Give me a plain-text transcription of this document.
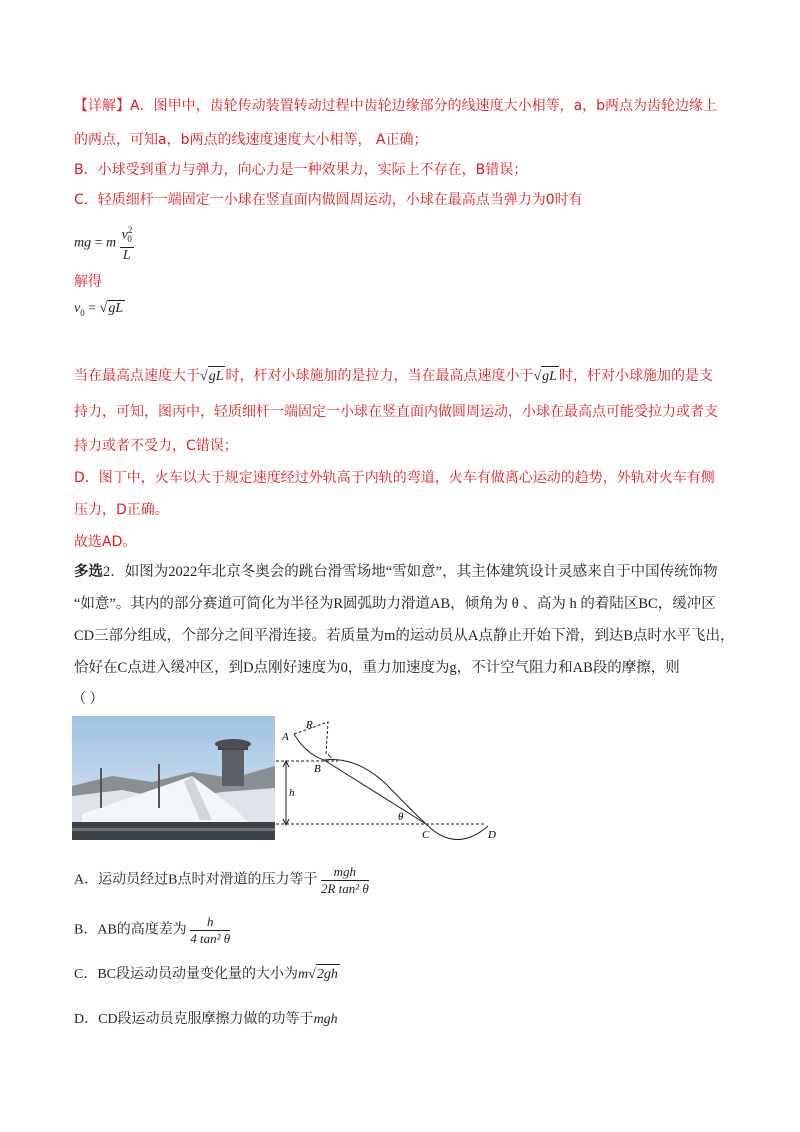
【详解】A．图甲中，齿轮传动装置转动过程中齿轮边缘部分的线速度大小相等，a，b两点为齿轮边缘上
的两点，可知a，b两点的线速度速度大小相等， A正确；
B．小球受到重力与弹力，向心力是一种效果力，实际上不存在，B错误；
C．轻质细杆一端固定一小球在竖直面内做圆周运动，小球在最高点当弹力为0时有
mg = m $\frac{v^2_0}{L}$
解得
$v_0 = √gL$
当在最高点速度大于√gL 时，杆对小球施加的是拉力，当在最高点速度小于√gL 时，杆对小球施加的是支
持力，可知，图丙中，轻质细杆一端固定一小球在竖直面内做圆周运动，小球在最高点可能受拉力或者支
持力或者不受力，C错误；
D．图丁中，火车以大于规定速度经过外轨高于内轨的弯道，火车有做离心运动的趋势，外轨对火车有侧
压力，D正确。
故选AD。
多选2．如图为2022年北京冬奥会的跳台滑雪场地“雪如意”，其主体建筑设计灵感来自于中国传统饰物
“如意”。其内的部分赛道可简化为半径为R圆弧助力滑道AB，倾角为 θ 、高为 h 的着陆区BC，缓冲区
CD三部分组成，个部分之间平滑连接。若质量为m的运动员从A点静止开始下滑，到达B点时水平飞出，
恰好在C点进入缓冲区，到D点刚好速度为0，重力加速度为g，不计空气阻力和AB段的摩擦，则
（ ）
R
A
B
h
θ
C	D
A．运动员经过B点时对滑道的压力等于 $\frac{\text{mgh}}{\text{2R tan² θ}}$
B．AB的高度差为 $\frac{h}{\text{4 tan² θ}}$
C．BC段运动员动量变化量的大小为m√2gh
D．CD段运动员克服摩擦力做的功等于mgh
